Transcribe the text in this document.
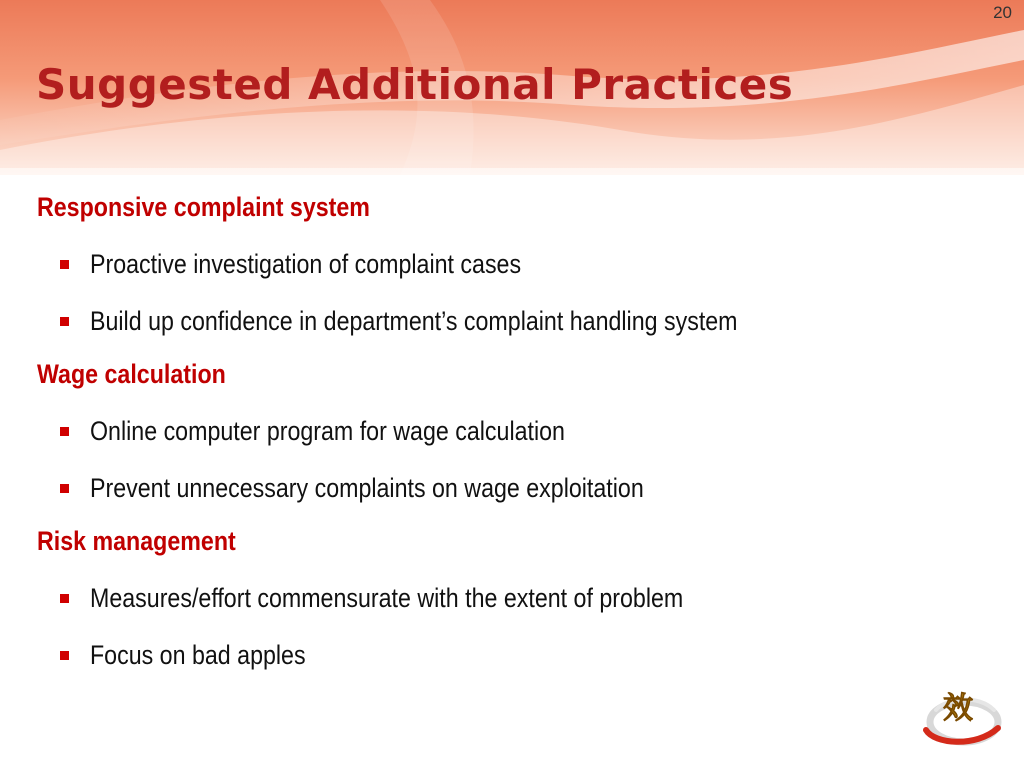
20
Suggested Additional Practices
Responsive complaint system
Proactive investigation of complaint cases
Build up confidence in department’s complaint handling system
Wage calculation
Online computer program for wage calculation
Prevent unnecessary complaints on wage exploitation
Risk management
Measures/effort commensurate with the extent of problem
Focus on bad apples
效
